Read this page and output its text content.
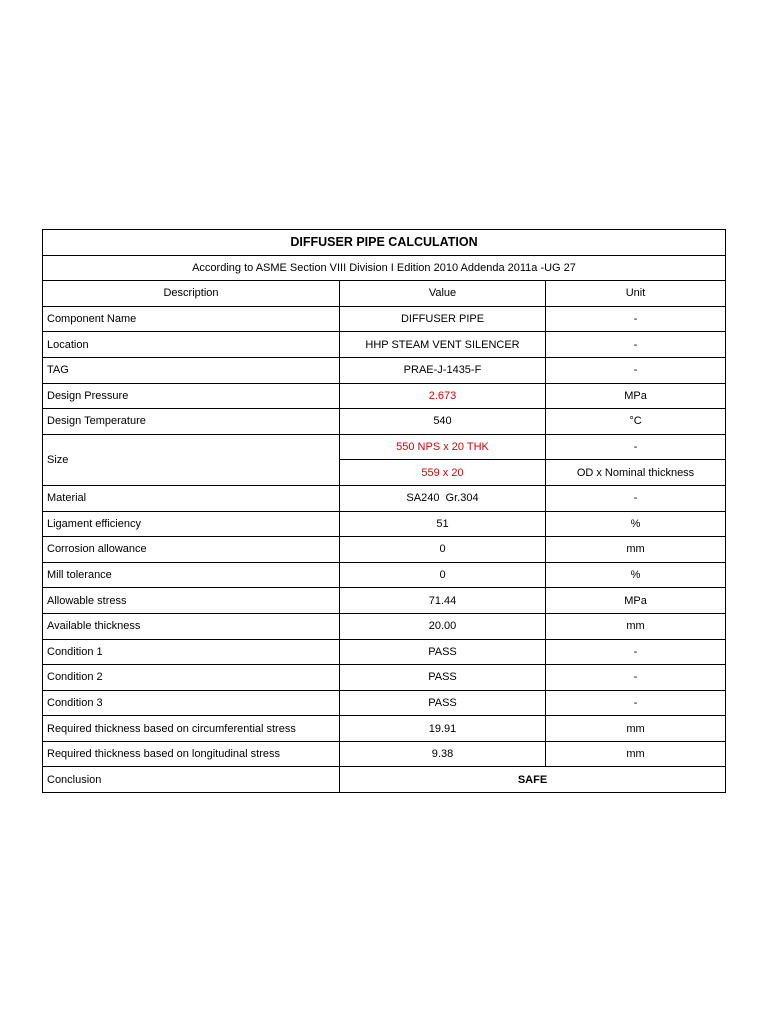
DIFFUSER PIPE CALCULATION		
According to ASME Section VIII Division I Edition 2010 Addenda 2011a -UG 27		
Description	Value	Unit
Component Name	DIFFUSER PIPE	-
Location	HHP STEAM VENT SILENCER	-
TAG	PRAE-J-1435-F	-
Design Pressure	2.673	MPa
Design Temperature	540	°C
Size	550 NPS x 20 THK	-
	559 x 20	OD x Nominal thickness
Material	SA240  Gr.304	-
Ligament efficiency	51	%
Corrosion allowance	0	mm
Mill tolerance	0	%
Allowable stress	71.44	MPa
Available thickness	20.00	mm
Condition 1	PASS	-
Condition 2	PASS	-
Condition 3	PASS	-
Required thickness based on circumferential stress	19.91	mm
Required thickness based on longitudinal stress	9.38	mm
Conclusion	SAFE	
